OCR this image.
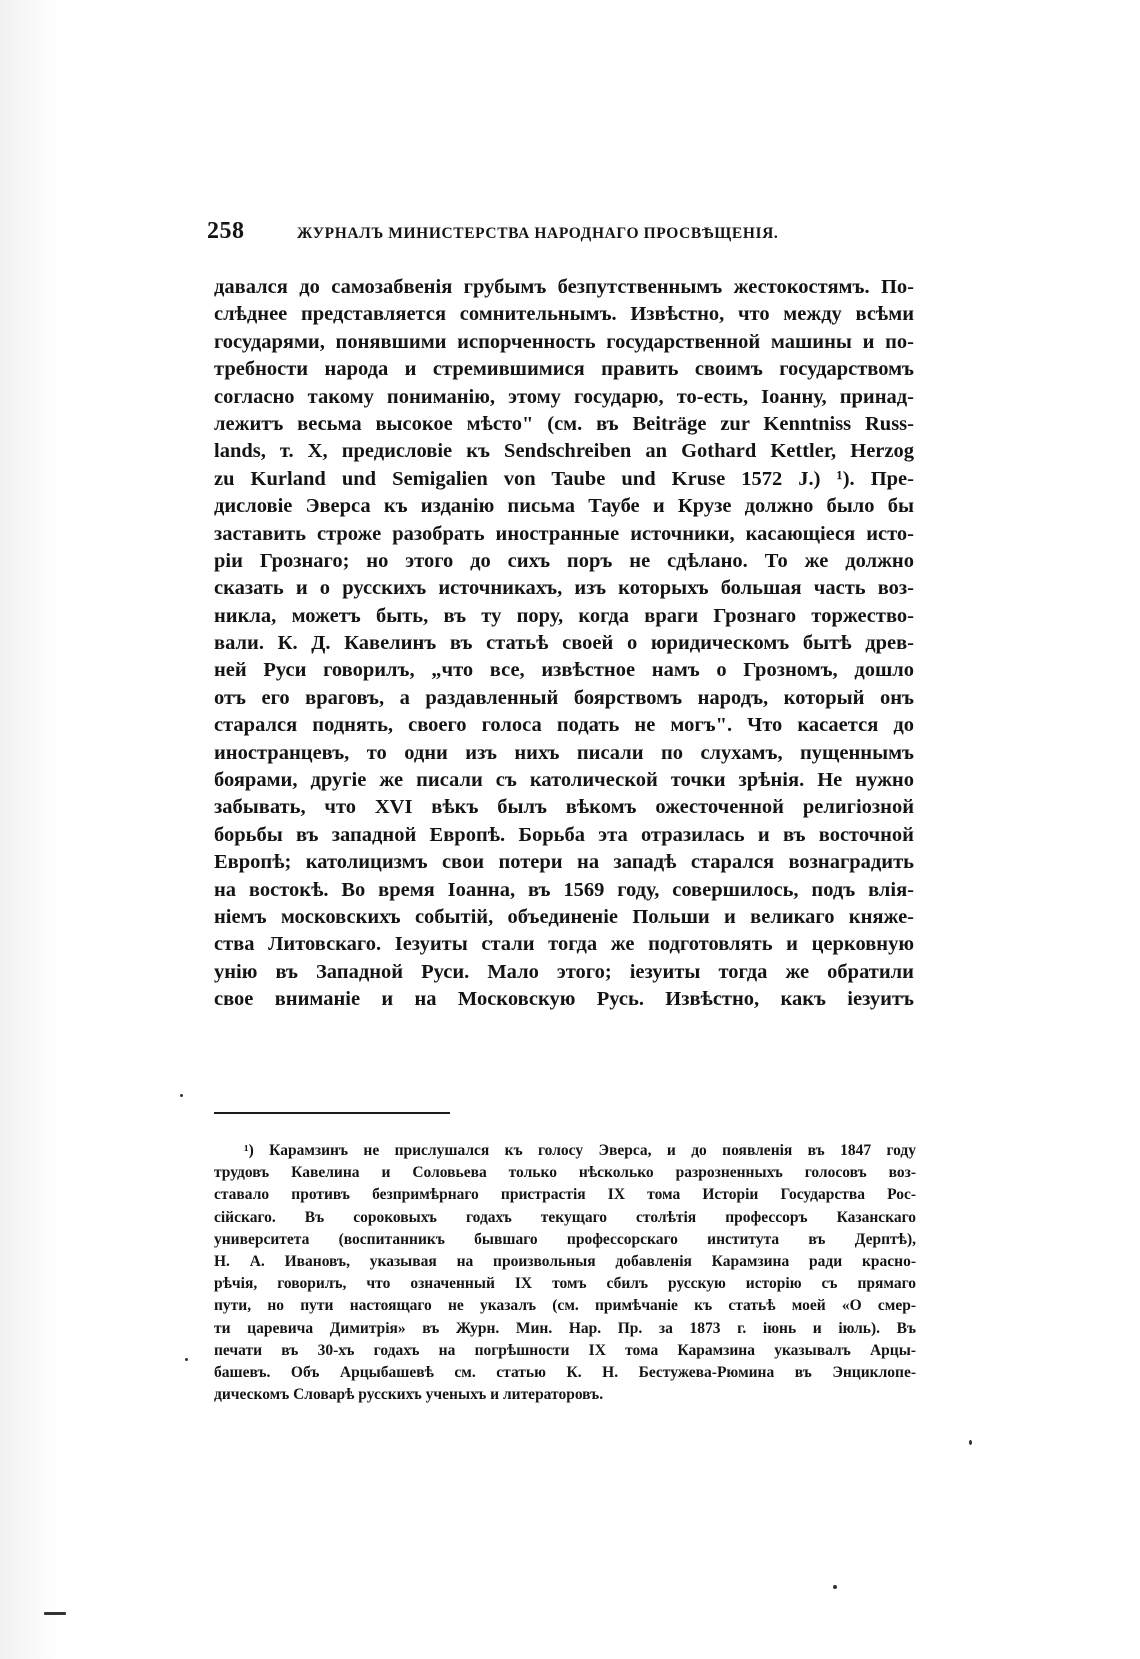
258	ЖУРНАЛЪ МИНИСТЕРСТВА НАРОДНАГО ПРОСВѢЩЕНІЯ.
давался до самозабвенія грубымъ безпутственнымъ жестокостямъ. По-
слѣднее представляется сомнительнымъ. Извѣстно, что между всѣми
государями, понявшими испорченность государственной машины и по-
требности народа и стремившимися править своимъ государствомъ
согласно такому пониманію, этому государю, то-есть, Іоанну, принад-
лежитъ весьма высокое мѣсто" (см. въ Beiträge zur Kenntniss Russ-
lands, т. X, предисловіе къ Sendschreiben an Gothard Kettler, Herzog
zu Kurland und Semigalien von Taube und Kruse 1572 J.) ¹). Пре-
дисловіе Эверса къ изданію письма Таубе и Крузе должно было бы
заставить строже разобрать иностранные источники, касающіеся исто-
ріи Грознаго; но этого до сихъ поръ не сдѣлано. То же должно
сказать и о русскихъ источникахъ, изъ которыхъ большая часть воз-
никла, можетъ быть, въ ту пору, когда враги Грознаго торжество-
вали. К. Д. Кавелинъ въ статьѣ своей о юридическомъ бытѣ древ-
ней Руси говорилъ, „что все, извѣстное намъ о Грозномъ, дошло
отъ его враговъ, а раздавленный боярствомъ народъ, который онъ
старался поднять, своего голоса подать не могъ". Что касается до
иностранцевъ, то одни изъ нихъ писали по слухамъ, пущеннымъ
боярами, другіе же писали съ католической точки зрѣнія. Не нужно
забывать, что XVI вѣкъ былъ вѣкомъ ожесточенной религіозной
борьбы въ западной Европѣ. Борьба эта отразилась и въ восточной
Европѣ; католицизмъ свои потери на западѣ старался вознаградить
на востокѣ. Во время Іоанна, въ 1569 году, совершилось, подъ влія-
ніемъ московскихъ событій, объединеніе Польши и великаго княже-
ства Литовскаго. Іезуиты стали тогда же подготовлять и церковную
унію въ Западной Руси. Мало этого; іезуиты тогда же обратили
свое вниманіе и на Московскую Русь. Извѣстно, какъ іезуитъ
¹) Карамзинъ не прислушался къ голосу Эверса, и до появленія въ 1847 году
трудовъ Кавелина и Соловьева только нѣсколько разрозненныхъ голосовъ воз-
ставало противъ безпримѣрнаго пристрастія IX тома Исторіи Государства Рос-
сійскаго. Въ сороковыхъ годахъ текущаго столѣтія профессоръ Казанскаго
университета (воспитанникъ бывшаго профессорскаго института въ Дерптѣ),
Н. А. Ивановъ, указывая на произвольныя добавленія Карамзина ради красно-
рѣчія, говорилъ, что означенный IX томъ сбилъ русскую исторію съ прямаго
пути, но пути настоящаго не указалъ (см. примѣчаніе къ статьѣ моей «О смер-
ти царевича Димитрія» въ Журн. Мин. Нар. Пр. за 1873 г. іюнь и іюль). Въ
печати въ 30-хъ годахъ на погрѣшности IX тома Карамзина указывалъ Арцы-
башевъ. Объ Арцыбашевѣ см. статью К. Н. Бестужева-Рюмина въ Энциклопе-
дическомъ Словарѣ русскихъ ученыхъ и литераторовъ.
